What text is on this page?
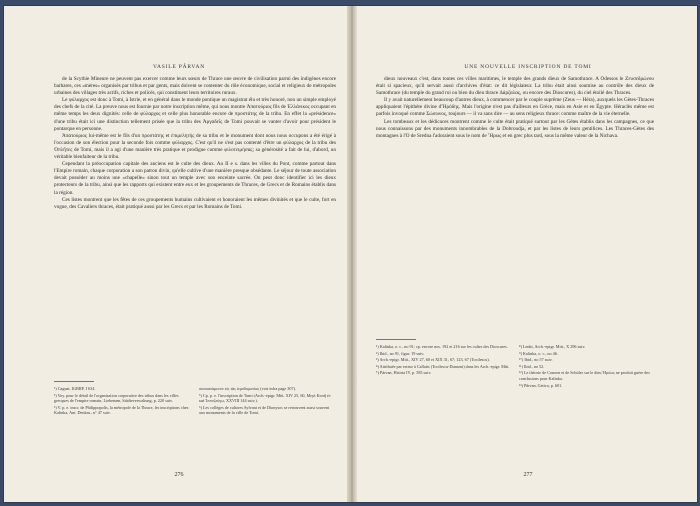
VASILE PÂRVAN

de la Scythie Mineure ne peuvent pas exercer comme leurs sœurs de Thrace une œuvre de civilisation parmi des indigènes encore barbares, ces «mères» organisés par tribus et par gents, mais doivent se contenter du rôle économique, social et religieux de métropoles urbaines des villages très actifs, riches et policés, qui constituent leurs territoires ruraux.

Le φύλαρχος est donc à Tomi, à Istrie, et en général dans le monde pontique un magistrat élu et très honoré, non un simple employé des chefs de la cité. La preuve nous est fournie par notre inscription même, qui nous montre Ἀπατούριος fils de Ἑλλάνικος occupant en même temps les deux dignités: celle de φύλαρχος et celle plus honorable encore de προστάτης de la tribu. En effet la «présidence» d'une tribu était ici une distinction tellement prisée que la tribu des Ἀργαδεῖς de Tomi pouvait se vanter d'avoir pour président le pontarque en personne.

Ἀπατούριος lui-même est le fils d'un προστάτης et ἐπιμελητής de sa tribu et le monument dont nous nous occupons a été érigé à l'occasion de son élection pour la seconde fois comme φύλαρχος. C'est qu'il ne s'est pas contenté d'être un φύλαρχος de la tribu des Ὀπλῆτες de Tomi, mais il a agi d'une manière très pratique et prodigue comme φιλοτειμήσας; sa générosité a fait de lui, d'abord, un véritable bienfaiteur de la tribu.

Cependant la préoccupation capitale des anciens est le culte des dieux. Au II e s. dans les villes du Pont, comme partout dans l'Empire romain, chaque corporation a son patron divin, qu'elle cultive d'une manière presque obsédante. Le séjour de toute association devait posséder au moins une «chapelle» sinon tout un temple avec son enceinte sacrée. On peut donc identifier ici les dieux protecteurs de la tribu, ainsi que les rapports qui existent entre eux et les groupements de Thraces, de Grecs et de Romains établis dans la région.

Ces listes montrent que les fêtes de ces groupements humains cultivaient et honoraient les mêmes divinités et que le culte, fort en vogue, des Cavaliers thraces, était pratiqué aussi par les Grecs et par les Romains de Tomi.

¹) Cagnat, IGRRP, I 634.
²) Voy. pour le détail de l'organisation corporative des tribus dans les villes grecques de l'empire romain, Liebenam, Städteverwaltung, p. 220 suiv.
³) V. p. e. inscr. de Philippopolis, la métropole de la Thrace, les inscriptions chez Kalinka, Ant. Denkm., n° 47 suiv.
σκευασάμενον εἰς τὰς ἱεροδιφωνίας (voir infra page 307).
⁵) Cp. p. e. l'inscription de Tomi (Arch.-epigr. Mitt. XIV 25, 60, Μηνὶ Κοπῆ ἐν καὶ Ἰπποζεύγω, XXVIII 144 suiv.).
⁶) Les collèges de cultores Sylvani et de Dionysos se retrouvent aussi souvent aux monuments de la ville de Tomi.
276
UNE NOUVELLE INSCRIPTION DE TOMI

dieux nouveaux c'est, dans toutes ces villes maritimes, le temple des grands dieux de Samothrace. A Odessos le Ζευσεδρώνου était si spacieux, qu'il servait aussi d'archives d'état: ce dit législateur. La tribu était ainsi soumise au contrôle des dieux de Samothrace (du temple du grand roi ou bien du dieu thrace Δάρζαλας, ou encore des Dioscures), du ciel étoilé des Thraces.

Il y avait naturellement beaucoup d'autres dieux, à commencer par le couple suprême (Zeus — Héra), auxquels les Gètes-Thraces appliquaient l'épithète divine d'Ἡρόδης. Mais l'origine n'est pas d'ailleurs en Grèce, mais en Asie et en Égypte. Héraclès même est parfois invoqué comme Σώσωνος, toujours — il va sans dire — au sens religieux thrace: comme maître de la vie éternelle.

Les tombeaux et les dédicaces montrent comme le culte était pratiqué surtout par les Gètes établis dans les campagnes, ce que nous connaissons par des monuments innombrables de la Dobroudja, et par les listes de leurs gentilices. Les Thraces-Gètes des montagnes à l'O de Sredna l'adoraient sous le nom de Ἥρως et en grec plus tard, sous la même valeur de la Nichava.

¹) Kalinka, o. c., no 91; cp. encore nos. 192 et 216 sur les cultes des Dioscures.
²) Ibid., no 91, figur. 19 suiv.
³) Arch.-epigr. Mitt., XIV 27, 60 et XIX 31, 67; 123, 67 (Tocilescu).
⁴) Attribuée par erreur à Callatis (Tocilescu-Dumont) dans les Arch.-epigr. Mitt.
⁵) Pârvan, Histria IV, p. 583 suiv.
⁸) Lenkt, Arch.-epigr. Mitt., X 296 suiv.
⁹) Kalinka, o. c., no 46.
¹⁰) Ibid., no 57 suiv.
¹¹) Ibid., no 52.
¹²) Le théorie de Conoen et de Schüler sur le dieu Ἡρόως ne produit guère des conclusions pour Kalinka.
¹³) Pârvan, Getica, p. 601.
277
